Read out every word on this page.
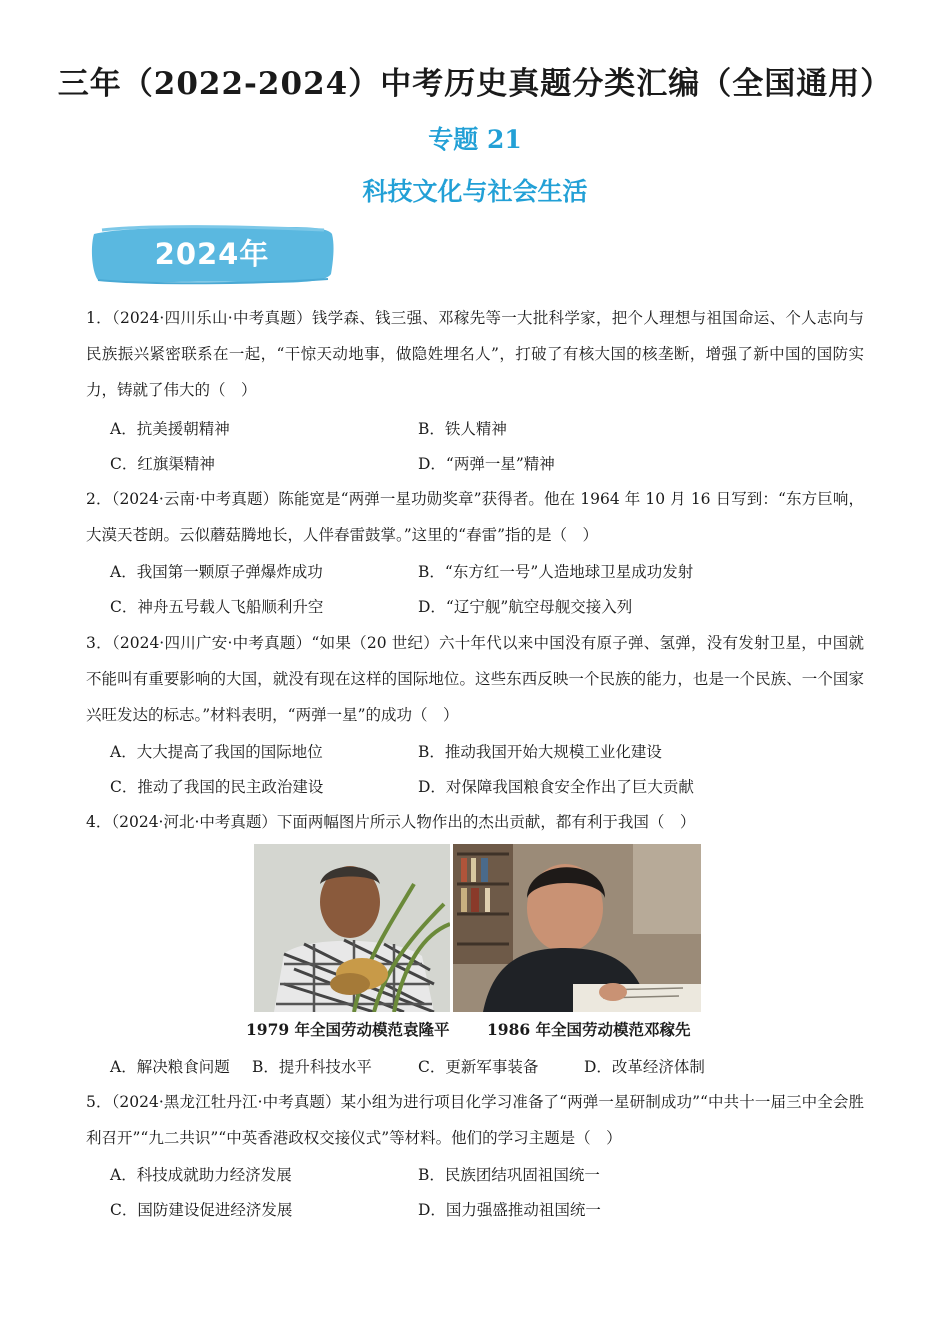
三年（2022-2024）中考历史真题分类汇编（全国通用）
专题 21
科技文化与社会生活
2024年
1．（2024·四川乐山·中考真题）钱学森、钱三强、邓稼先等一大批科学家，把个人理想与祖国命运、个人志向与民族振兴紧密联系在一起，“干惊天动地事，做隐姓埋名人”，打破了有核大国的核垄断，增强了新中国的国防实力，铸就了伟大的（　）
A．抗美援朝精神	B．铁人精神
C．红旗渠精神	D．“两弹一星”精神
2．（2024·云南·中考真题）陈能宽是“两弹一星功勋奖章”获得者。他在 1964 年 10 月 16 日写到：“东方巨响，大漠天苍朗。云似蘑菇腾地长，人伴春雷鼓掌。”这里的“春雷”指的是（　）
A．我国第一颗原子弹爆炸成功	B．“东方红一号”人造地球卫星成功发射
C．神舟五号载人飞船顺利升空	D．“辽宁舰”航空母舰交接入列
3．（2024·四川广安·中考真题）“如果（20 世纪）六十年代以来中国没有原子弹、氢弹，没有发射卫星，中国就不能叫有重要影响的大国，就没有现在这样的国际地位。这些东西反映一个民族的能力，也是一个民族、一个国家兴旺发达的标志。”材料表明，“两弹一星”的成功（　）
A．大大提高了我国的国际地位	B．推动我国开始大规模工业化建设
C．推动了我国的民主政治建设	D．对保障我国粮食安全作出了巨大贡献
4．（2024·河北·中考真题）下面两幅图片所示人物作出的杰出贡献，都有利于我国（　）
1979 年全国劳动模范袁隆平 1986 年全国劳动模范邓稼先
A．解决粮食问题 B．提升科技水平	C．更新军事装备	D．改革经济体制
5．（2024·黑龙江牡丹江·中考真题）某小组为进行项目化学习准备了“两弹一星研制成功”“中共十一届三中全会胜利召开”“九二共识”“中英香港政权交接仪式”等材料。他们的学习主题是（　）
A．科技成就助力经济发展	B．民族团结巩固祖国统一
C．国防建设促进经济发展	D．国力强盛推动祖国统一
